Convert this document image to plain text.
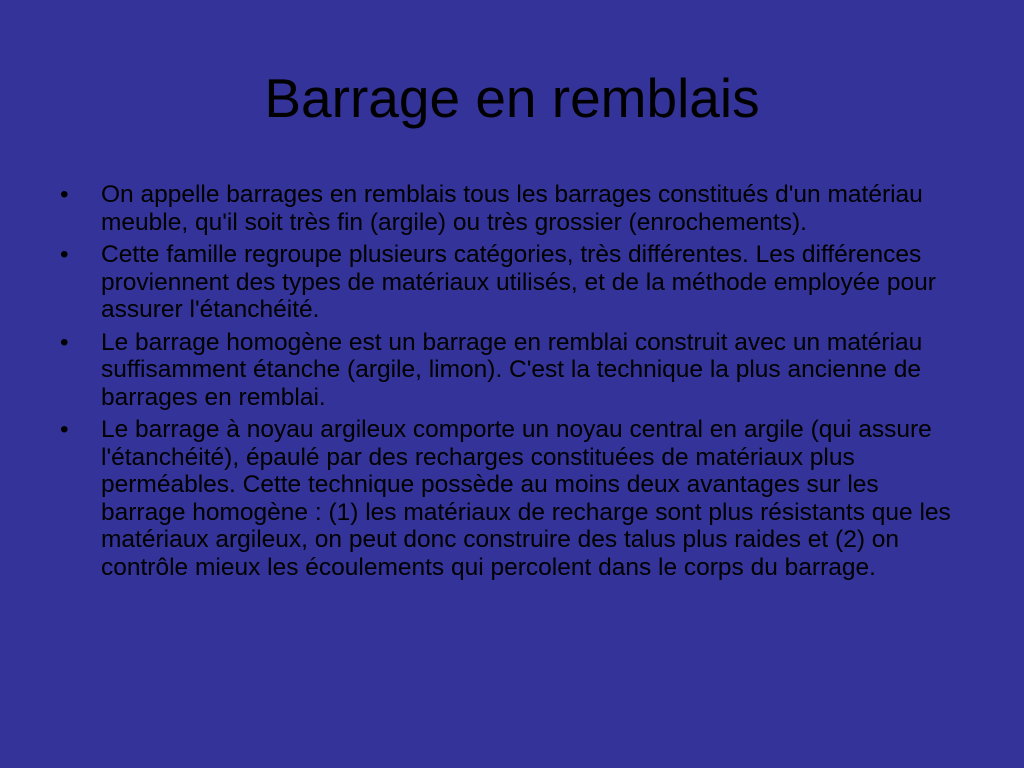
Barrage en remblais
•	On appelle barrages en remblais tous les barrages constitués d'un matériau meuble, qu'il soit très fin (argile) ou très grossier (enrochements).
•	Cette famille regroupe plusieurs catégories, très différentes. Les différences proviennent des types de matériaux utilisés, et de la méthode employée pour assurer l'étanchéité.
•	Le barrage homogène est un barrage en remblai construit avec un matériau suffisamment étanche (argile, limon). C'est la technique la plus ancienne de barrages en remblai.
•	Le barrage à noyau argileux comporte un noyau central en argile (qui assure l'étanchéité), épaulé par des recharges constituées de matériaux plus perméables. Cette technique possède au moins deux avantages sur les barrage homogène : (1) les matériaux de recharge sont plus résistants que les matériaux argileux, on peut donc construire des talus plus raides et (2) on contrôle mieux les écoulements qui percolent dans le corps du barrage.
